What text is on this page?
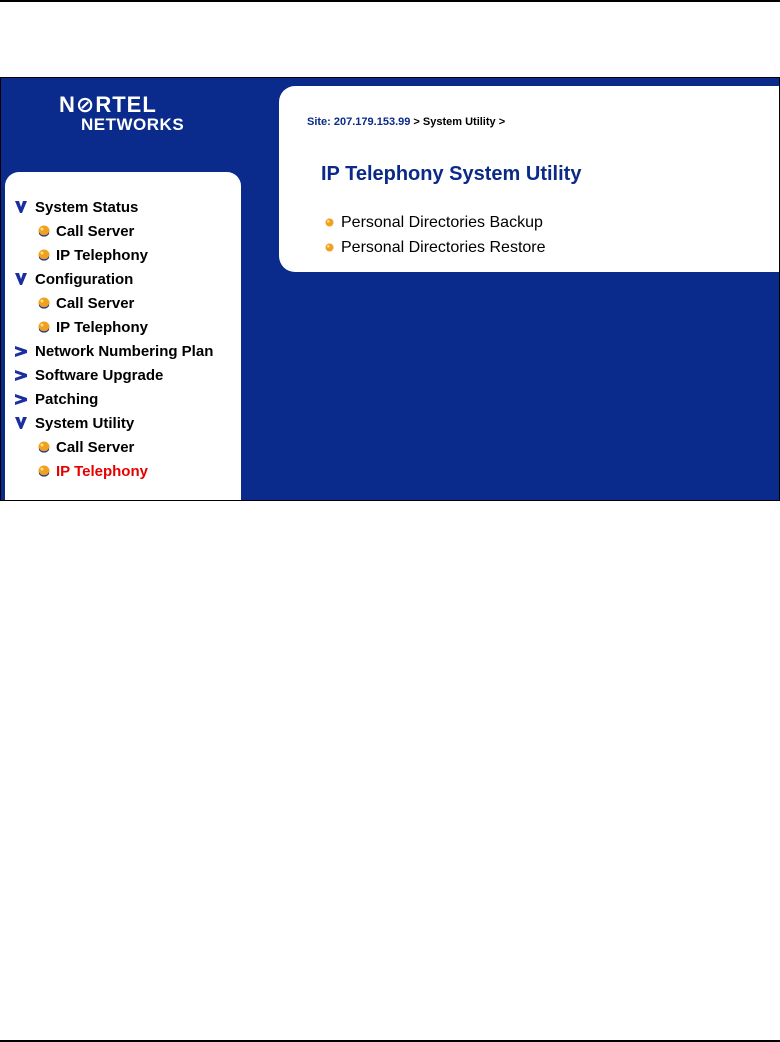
N⊘RTEL
NETWORKS
System Status
Call Server
IP Telephony
Configuration
Call Server
IP Telephony
Network Numbering Plan
Software Upgrade
Patching
System Utility
Call Server
IP Telephony
Site: 207.179.153.99 > System Utility >
IP Telephony System Utility
Personal Directories Backup
Personal Directories Restore
